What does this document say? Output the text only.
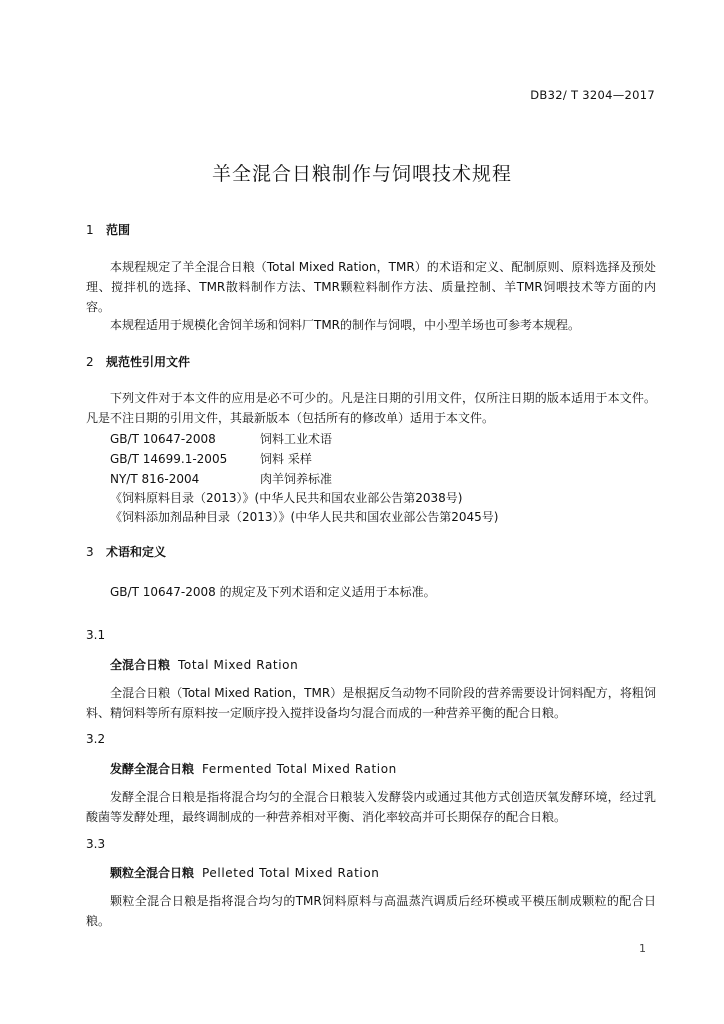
DB32/ T 3204—2017
羊全混合日粮制作与饲喂技术规程
1 范围
本规程规定了羊全混合日粮（Total Mixed Ration，TMR）的术语和定义、配制原则、原料选择及预处理、搅拌机的选择、TMR散料制作方法、TMR颗粒料制作方法、质量控制、羊TMR饲喂技术等方面的内容。
本规程适用于规模化舍饲羊场和饲料厂TMR的制作与饲喂，中小型羊场也可参考本规程。
2 规范性引用文件
下列文件对于本文件的应用是必不可少的。凡是注日期的引用文件，仅所注日期的版本适用于本文件。凡是不注日期的引用文件，其最新版本（包括所有的修改单）适用于本文件。
GB/T 10647-2008	饲料工业术语
GB/T 14699.1-2005	饲料 采样
NY/T 816-2004	肉羊饲养标准
《饲料原料目录（2013）》(中华人民共和国农业部公告第2038号)
《饲料添加剂品种目录（2013）》(中华人民共和国农业部公告第2045号)
3 术语和定义
GB/T 10647-2008 的规定及下列术语和定义适用于本标准。
3.1
全混合日粮 Total Mixed Ration
全混合日粮（Total Mixed Ration，TMR）是根据反刍动物不同阶段的营养需要设计饲料配方，将粗饲料、精饲料等所有原料按一定顺序投入搅拌设备均匀混合而成的一种营养平衡的配合日粮。
3.2
发酵全混合日粮 Fermented Total Mixed Ration
发酵全混合日粮是指将混合均匀的全混合日粮装入发酵袋内或通过其他方式创造厌氧发酵环境，经过乳酸菌等发酵处理，最终调制成的一种营养相对平衡、消化率较高并可长期保存的配合日粮。
3.3
颗粒全混合日粮 Pelleted Total Mixed Ration
颗粒全混合日粮是指将混合均匀的TMR饲料原料与高温蒸汽调质后经环模或平模压制成颗粒的配合日粮。
1
